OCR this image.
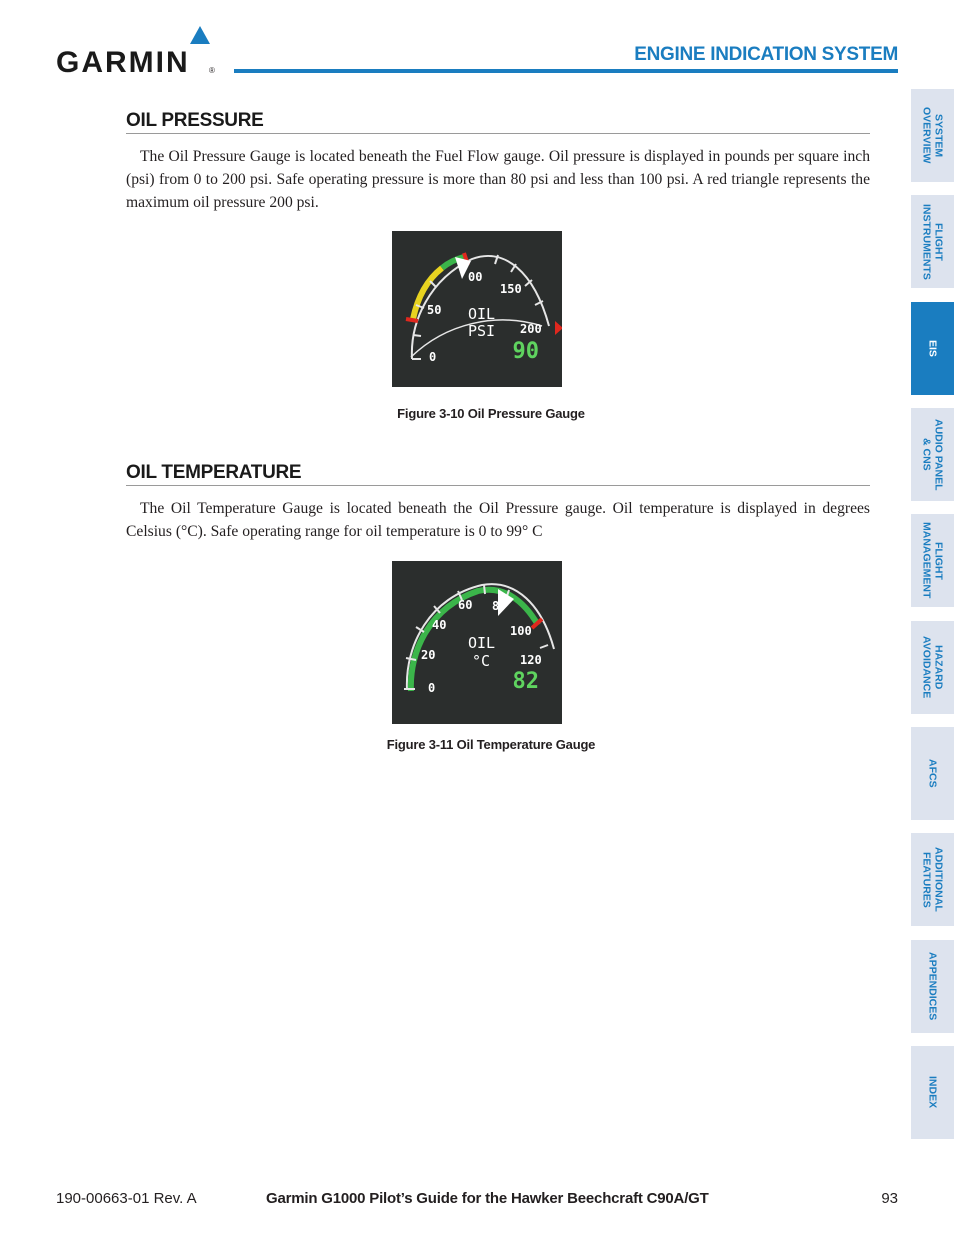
GARMIN ®
ENGINE INDICATION SYSTEM
OIL PRESSURE

The Oil Pressure Gauge is located beneath the Fuel Flow gauge. Oil pressure is displayed in pounds per square inch (psi) from 0 to 200 psi. Safe operating pressure is more than 80 psi and less than 100 psi. A red triangle represents the maximum oil pressure 200 psi.

0
50
00
150
200
OIL
PSI
90
Figure 3-10 Oil Pressure Gauge
OIL TEMPERATURE

The Oil Temperature Gauge is located beneath the Oil Pressure gauge. Oil temperature is displayed in degrees Celsius (°C). Safe operating range for oil temperature is 0 to 99° C

0
20
40
60 8
100
120
OIL
°C
82
Figure 3-11 Oil Temperature Gauge
SYSTEM
OVERVIEW
FLIGHT
INSTRUMENTS
EIS
AUDIO PANEL
& CNS
FLIGHT
MANAGEMENT
HAZARD
AVOIDANCE
AFCS
ADDITIONAL
FEATURES
APPENDICES
INDEX
190-00663-01 Rev. A	Garmin G1000 Pilot’s Guide for the Hawker Beechcraft C90A/GT	93
